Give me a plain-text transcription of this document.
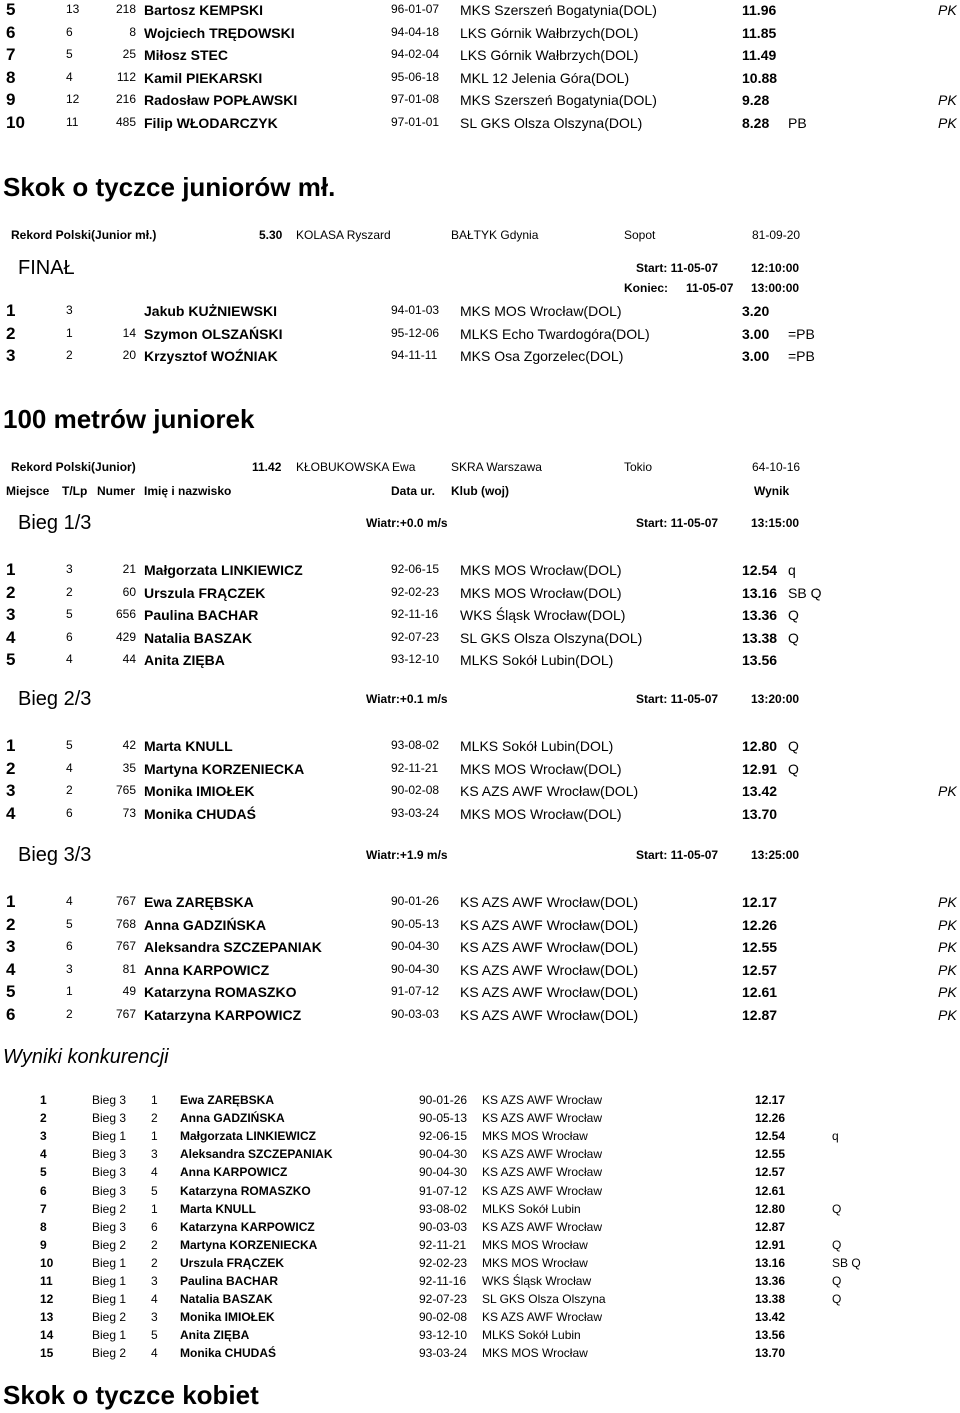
5	13	218 Bartosz KEMPSKI	96-01-07 MKS Szerszeń Bogatynia(DOL)	11.96	PK
6	6	8 Wojciech TRĘDOWSKI	94-04-18 LKS Górnik Wałbrzych(DOL)	11.85
7	5	25 Miłosz STEC	94-02-04 LKS Górnik Wałbrzych(DOL)	11.49
8	4	112 Kamil PIEKARSKI	95-06-18 MKL 12 Jelenia Góra(DOL)	10.88
9	12	216 Radosław POPŁAWSKI	97-01-08 MKS Szerszeń Bogatynia(DOL)	9.28	PK
10	11	485 Filip WŁODARCZYK	97-01-01 SL GKS Olsza Olszyna(DOL)	8.28 PB	PK
Skok o tyczce juniorów mł.
Rekord Polski(Junior mł.)	5.30 KOLASA Ryszard	BAŁTYK Gdynia	Sopot	81-09-20
FINAŁ	Start: 11-05-07	12:10:00
Koniec: 11-05-07 13:00:00
1	3	Jakub KUŻNIEWSKI	94-01-03 MKS MOS Wrocław(DOL)	3.20
2	1	14 Szymon OLSZAŃSKI	95-12-06 MLKS Echo Twardogóra(DOL)	3.00 =PB
3	2	20 Krzysztof WOŹNIAK	94-11-11 MKS Osa Zgorzelec(DOL)	3.00 =PB
100 metrów juniorek
Rekord Polski(Junior)	11.42 KŁOBUKOWSKA Ewa	SKRA Warszawa	Tokio	64-10-16
Miejsce T/Lp Numer Imię i nazwisko	Data ur. Klub (woj)	Wynik
Bieg 1/3	Wiatr:+0.0 m/s	Start: 11-05-07	13:15:00
1	3	21 Małgorzata LINKIEWICZ	92-06-15 MKS MOS Wrocław(DOL)	12.54 q
2	2	60 Urszula FRĄCZEK	92-02-23 MKS MOS Wrocław(DOL)	13.16 SB Q
3	5	656 Paulina BACHAR	92-11-16 WKS Śląsk Wrocław(DOL)	13.36 Q
4	6	429 Natalia BASZAK	92-07-23 SL GKS Olsza Olszyna(DOL)	13.38 Q
5	4	44 Anita ZIĘBA	93-12-10 MLKS Sokół Lubin(DOL)	13.56
Bieg 2/3	Wiatr:+0.1 m/s	Start: 11-05-07	13:20:00
1	5	42 Marta KNULL	93-08-02 MLKS Sokół Lubin(DOL)	12.80 Q
2	4	35 Martyna KORZENIECKA	92-11-21 MKS MOS Wrocław(DOL)	12.91 Q
3	2	765 Monika IMIOŁEK	90-02-08 KS AZS AWF Wrocław(DOL)	13.42	PK
4	6	73 Monika CHUDAŚ	93-03-24 MKS MOS Wrocław(DOL)	13.70
Bieg 3/3	Wiatr:+1.9 m/s	Start: 11-05-07	13:25:00
1	4	767 Ewa ZARĘBSKA	90-01-26 KS AZS AWF Wrocław(DOL)	12.17	PK
2	5	768 Anna GADZIŃSKA	90-05-13 KS AZS AWF Wrocław(DOL)	12.26	PK
3	6	767 Aleksandra SZCZEPANIAK	90-04-30 KS AZS AWF Wrocław(DOL)	12.55	PK
4	3	81 Anna KARPOWICZ	90-04-30 KS AZS AWF Wrocław(DOL)	12.57	PK
5	1	49 Katarzyna ROMASZKO	91-07-12 KS AZS AWF Wrocław(DOL)	12.61	PK
6	2	767 Katarzyna KARPOWICZ	90-03-03 KS AZS AWF Wrocław(DOL)	12.87	PK
Wyniki konkurencji
1	Bieg 3 1 Ewa ZARĘBSKA	90-01-26 KS AZS AWF Wrocław	12.17
2	Bieg 3 2 Anna GADZIŃSKA	90-05-13 KS AZS AWF Wrocław	12.26
3	Bieg 1 1 Małgorzata LINKIEWICZ	92-06-15 MKS MOS Wrocław	12.54	q
4	Bieg 3 3 Aleksandra SZCZEPANIAK	90-04-30 KS AZS AWF Wrocław	12.55
5	Bieg 3 4 Anna KARPOWICZ	90-04-30 KS AZS AWF Wrocław	12.57
6	Bieg 3 5 Katarzyna ROMASZKO	91-07-12 KS AZS AWF Wrocław	12.61
7	Bieg 2 1 Marta KNULL	93-08-02 MLKS Sokół Lubin	12.80	Q
8	Bieg 3 6 Katarzyna KARPOWICZ	90-03-03 KS AZS AWF Wrocław	12.87
9	Bieg 2 2 Martyna KORZENIECKA	92-11-21 MKS MOS Wrocław	12.91	Q
10	Bieg 1 2 Urszula FRĄCZEK	92-02-23 MKS MOS Wrocław	13.16	SB Q
11	Bieg 1 3 Paulina BACHAR	92-11-16 WKS Śląsk Wrocław	13.36	Q
12	Bieg 1 4 Natalia BASZAK	92-07-23 SL GKS Olsza Olszyna	13.38	Q
13	Bieg 2 3 Monika IMIOŁEK	90-02-08 KS AZS AWF Wrocław	13.42
14	Bieg 1 5 Anita ZIĘBA	93-12-10 MLKS Sokół Lubin	13.56
15	Bieg 2 4 Monika CHUDAŚ	93-03-24 MKS MOS Wrocław	13.70
Skok o tyczce kobiet
